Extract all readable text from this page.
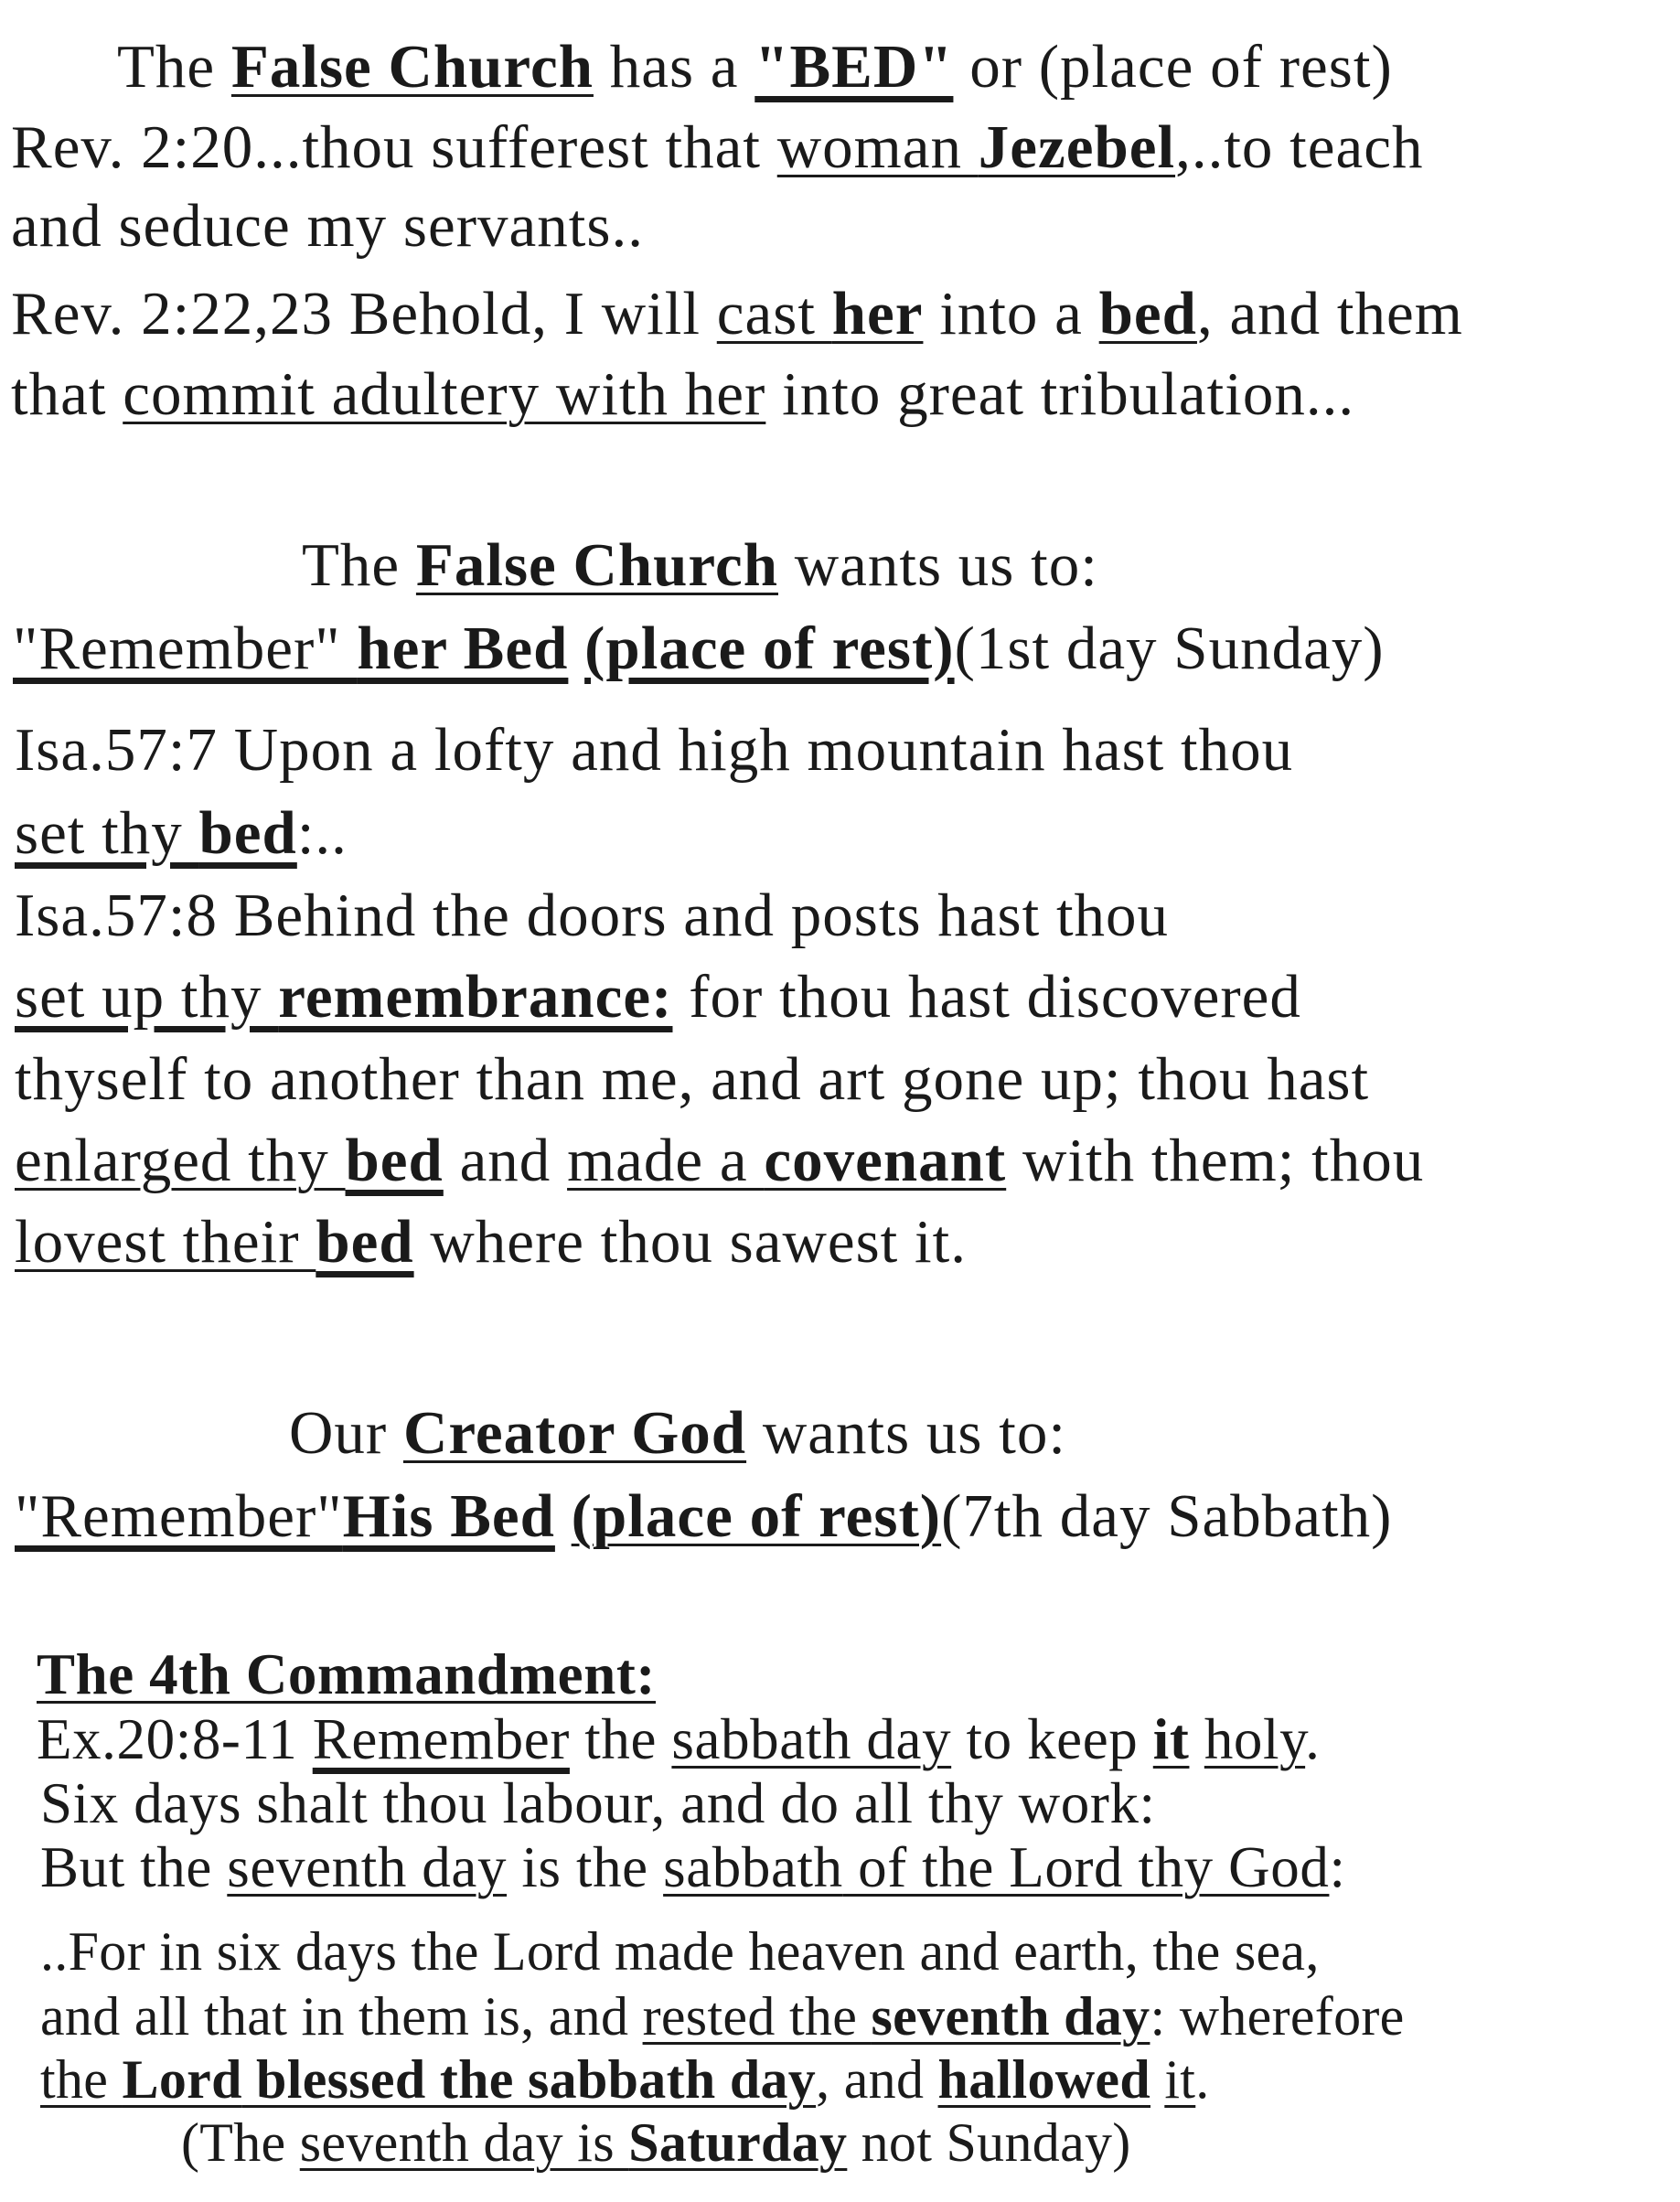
The False Church has a "BED" or (place of rest)
Rev. 2:20...thou sufferest that woman Jezebel,..to teach
and seduce my servants..
Rev. 2:22,23 Behold, I will cast her into a bed, and them
that commit adultery with her into great tribulation...
The False Church wants us to:
"Remember" her Bed (place of rest)(1st day Sunday)
Isa.57:7 Upon a lofty and high mountain hast thou
set thy bed:..
Isa.57:8 Behind the doors and posts hast thou
set up thy remembrance: for thou hast discovered
thyself to another than me, and art gone up; thou hast
enlarged thy bed and made a covenant with them; thou
lovest their bed where thou sawest it.
Our Creator God wants us to:
"Remember"His Bed (place of rest)(7th day Sabbath)
The 4th Commandment:
Ex.20:8-11 Remember the sabbath day to keep it holy.
Six days shalt thou labour, and do all thy work:
But the seventh day is the sabbath of the Lord thy God:
..For in six days the Lord made heaven and earth, the sea,
and all that in them is, and rested the seventh day: wherefore
the Lord blessed the sabbath day, and hallowed it.
(The seventh day is Saturday not Sunday)
